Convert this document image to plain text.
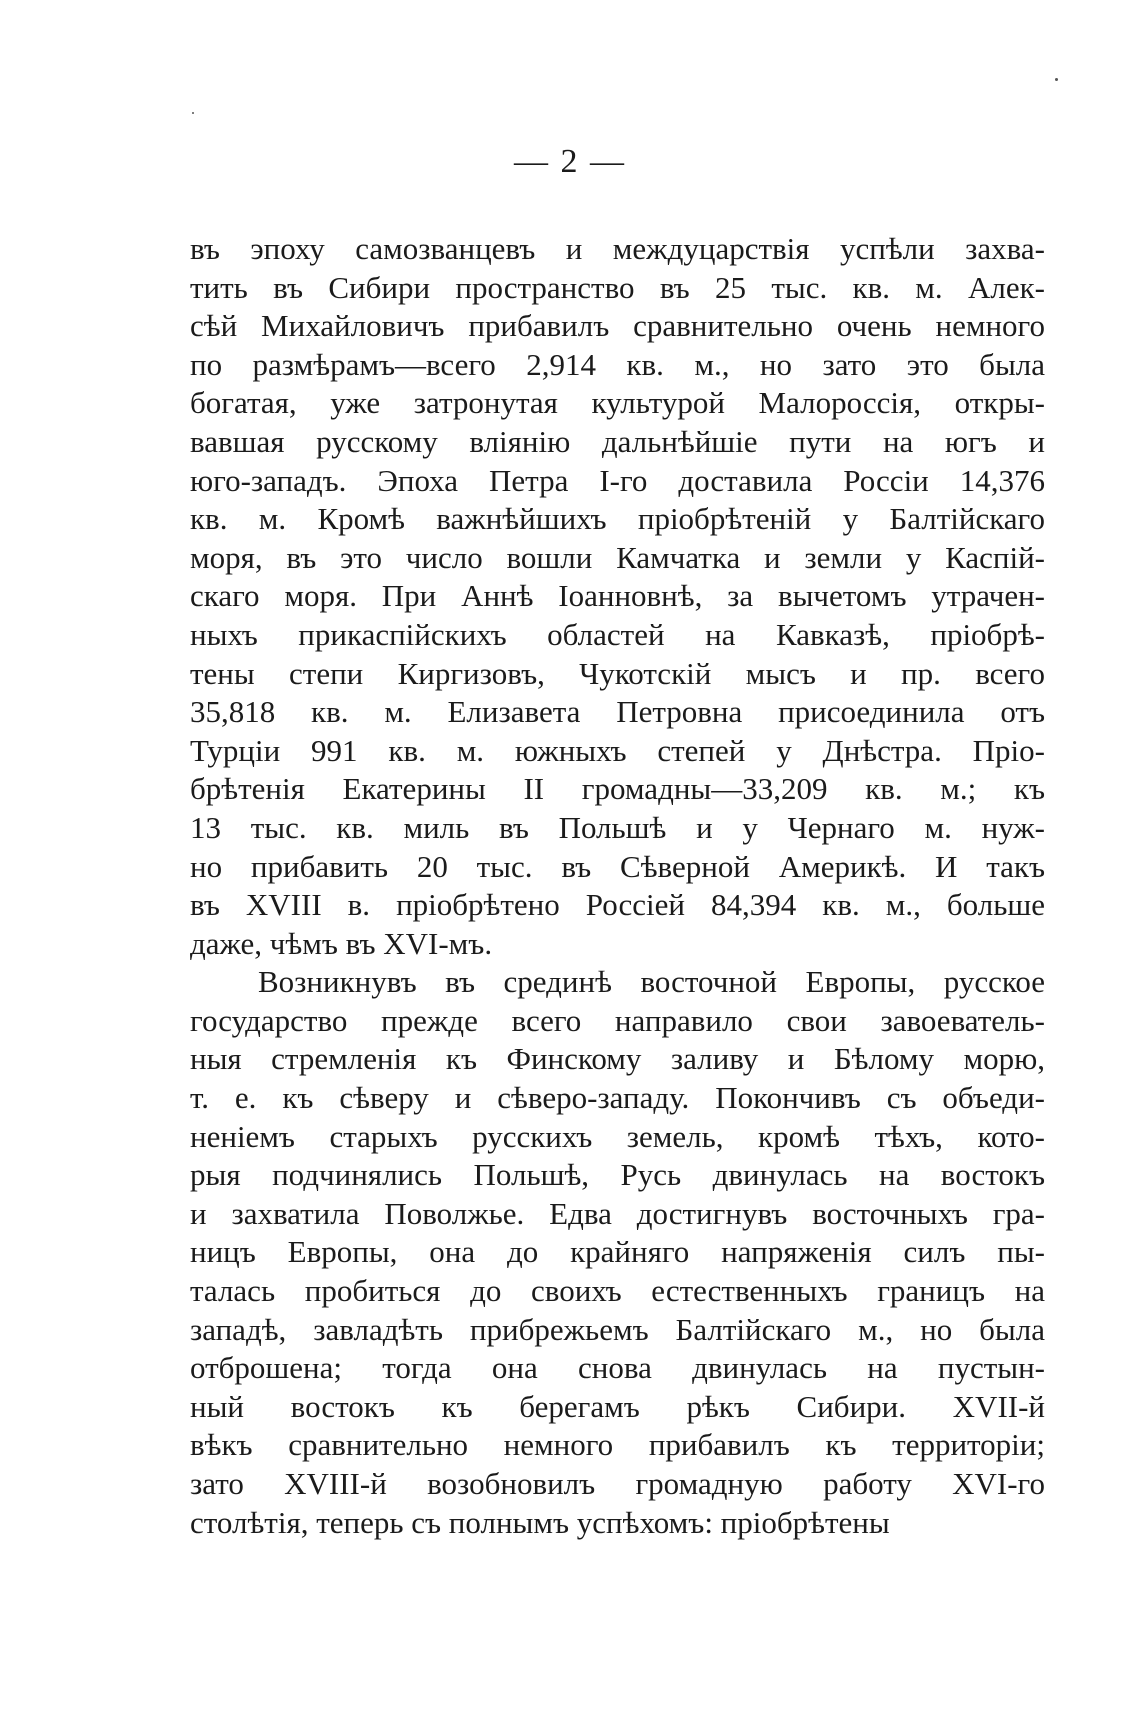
— 2 —
въ эпоху самозванцевъ и междуцарствія успѣли захва-
тить въ Сибири пространство въ 25 тыс. кв. м. Алек-
сѣй Михайловичъ прибавилъ сравнительно очень немного
по размѣрамъ—всего 2,914 кв. м., но зато это была
богатая, уже затронутая культурой Малороссія, откры-
вавшая русскому вліянію дальнѣйшіе пути на югъ и
юго-западъ. Эпоха Петра I-го доставила Россіи 14,376
кв. м. Кромѣ важнѣйшихъ пріобрѣтеній у Балтійскаго
моря, въ это число вошли Камчатка и земли у Каспій-
скаго моря. При Аннѣ Іоанновнѣ, за вычетомъ утрачен-
ныхъ прикаспійскихъ областей на Кавказѣ, пріобрѣ-
тены степи Киргизовъ, Чукотскій мысъ и пр. всего
35,818 кв. м. Елизавета Петровна присоединила отъ
Турціи 991 кв. м. южныхъ степей у Днѣстра. Пріо-
брѣтенія Екатерины II громадны—33,209 кв. м.; къ
13 тыс. кв. миль въ Польшѣ и у Чернаго м. нуж-
но прибавить 20 тыс. въ Сѣверной Америкѣ. И такъ
въ XVIII в. пріобрѣтено Россіей 84,394 кв. м., больше
даже, чѣмъ въ XVI-мъ.
Возникнувъ въ срединѣ восточной Европы, русское
государство прежде всего направило свои завоеватель-
ныя стремленія къ Финскому заливу и Бѣлому морю,
т. е. къ сѣверу и сѣверо-западу. Покончивъ съ объеди-
неніемъ старыхъ русскихъ земель, кромѣ тѣхъ, кото-
рыя подчинялись Польшѣ, Русь двинулась на востокъ
и захватила Поволжье. Едва достигнувъ восточныхъ гра-
ницъ Европы, она до крайняго напряженія силъ пы-
талась пробиться до своихъ естественныхъ границъ на
западѣ, завладѣть прибрежьемъ Балтійскаго м., но была
отброшена; тогда она снова двинулась на пустын-
ный востокъ къ берегамъ рѣкъ Сибири. XVII-й
вѣкъ сравнительно немного прибавилъ къ территоріи;
зато XVIII-й возобновилъ громадную работу XVI-го
столѣтія, теперь съ полнымъ успѣхомъ: пріобрѣтены
